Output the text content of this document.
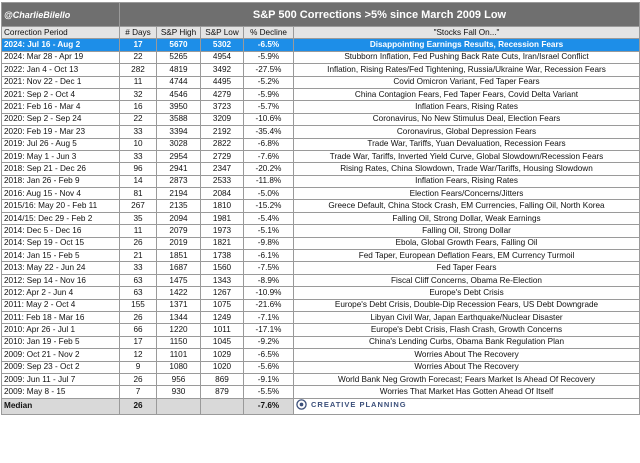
@CharlieBilello	S&P 500 Corrections >5% since March 2009 Low				
Correction Period	# Days	S&P High	S&P Low	% Decline	"Stocks Fall On..."
2024: Jul 16 - Aug 2	17	5670	5302	-6.5%	Disappointing Earnings Results, Recession Fears
2024: Mar 28 - Apr 19	22	5265	4954	-5.9%	Stubborn Inflation, Fed Pushing Back Rate Cuts, Iran/Israel Conflict
2022: Jan 4 - Oct 13	282	4819	3492	-27.5%	Inflation, Rising Rates/Fed Tightening, Russia/Ukraine War, Recession Fears
2021: Nov 22 - Dec 1	11	4744	4495	-5.2%	Covid Omicron Variant, Fed Taper Fears
2021: Sep 2 - Oct 4	32	4546	4279	-5.9%	China Contagion Fears, Fed Taper Fears, Covid Delta Variant
2021: Feb 16 - Mar 4	16	3950	3723	-5.7%	Inflation Fears, Rising Rates
2020: Sep 2 - Sep 24	22	3588	3209	-10.6%	Coronavirus, No New Stimulus Deal, Election Fears
2020: Feb 19 - Mar 23	33	3394	2192	-35.4%	Coronavirus, Global Depression Fears
2019: Jul 26 - Aug 5	10	3028	2822	-6.8%	Trade War, Tariffs, Yuan Devaluation, Recession Fears
2019: May 1 - Jun 3	33	2954	2729	-7.6%	Trade War, Tariffs, Inverted Yield Curve, Global Slowdown/Recession Fears
2018: Sep 21 - Dec 26	96	2941	2347	-20.2%	Rising Rates, China Slowdown, Trade War/Tariffs, Housing Slowdown
2018: Jan 26 - Feb 9	14	2873	2533	-11.8%	Inflation Fears, Rising Rates
2016: Aug 15 - Nov 4	81	2194	2084	-5.0%	Election Fears/Concerns/Jitters
2015/16: May 20 - Feb 11	267	2135	1810	-15.2%	Greece Default, China Stock Crash, EM Currencies, Falling Oil, North Korea
2014/15: Dec 29 - Feb 2	35	2094	1981	-5.4%	Falling Oil, Strong Dollar, Weak Earnings
2014: Dec 5 - Dec 16	11	2079	1973	-5.1%	Falling Oil, Strong Dollar
2014: Sep 19 - Oct 15	26	2019	1821	-9.8%	Ebola, Global Growth Fears, Falling Oil
2014: Jan 15 - Feb 5	21	1851	1738	-6.1%	Fed Taper, European Deflation Fears, EM Currency Turmoil
2013: May 22 - Jun 24	33	1687	1560	-7.5%	Fed Taper Fears
2012: Sep 14 - Nov 16	63	1475	1343	-8.9%	Fiscal Cliff Concerns, Obama Re-Election
2012: Apr 2 - Jun 4	63	1422	1267	-10.9%	Europe's Debt Crisis
2011: May 2 - Oct 4	155	1371	1075	-21.6%	Europe's Debt Crisis, Double-Dip Recession Fears, US Debt Downgrade
2011: Feb 18 - Mar 16	26	1344	1249	-7.1%	Libyan Civil War, Japan Earthquake/Nuclear Disaster
2010: Apr 26 - Jul 1	66	1220	1011	-17.1%	Europe's Debt Crisis, Flash Crash, Growth Concerns
2010: Jan 19 - Feb 5	17	1150	1045	-9.2%	China's Lending Curbs, Obama Bank Regulation Plan
2009: Oct 21 - Nov 2	12	1101	1029	-6.5%	Worries About The Recovery
2009: Sep 23 - Oct 2	9	1080	1020	-5.6%	Worries About The Recovery
2009: Jun 11 - Jul 7	26	956	869	-9.1%	World Bank Neg Growth Forecast; Fears Market Is Ahead Of Recovery
2009: May 8 - 15	7	930	879	-5.5%	Worries That Market Has Gotten Ahead Of Itself
Median	26			-7.6%	CREATIVE PLANNING
